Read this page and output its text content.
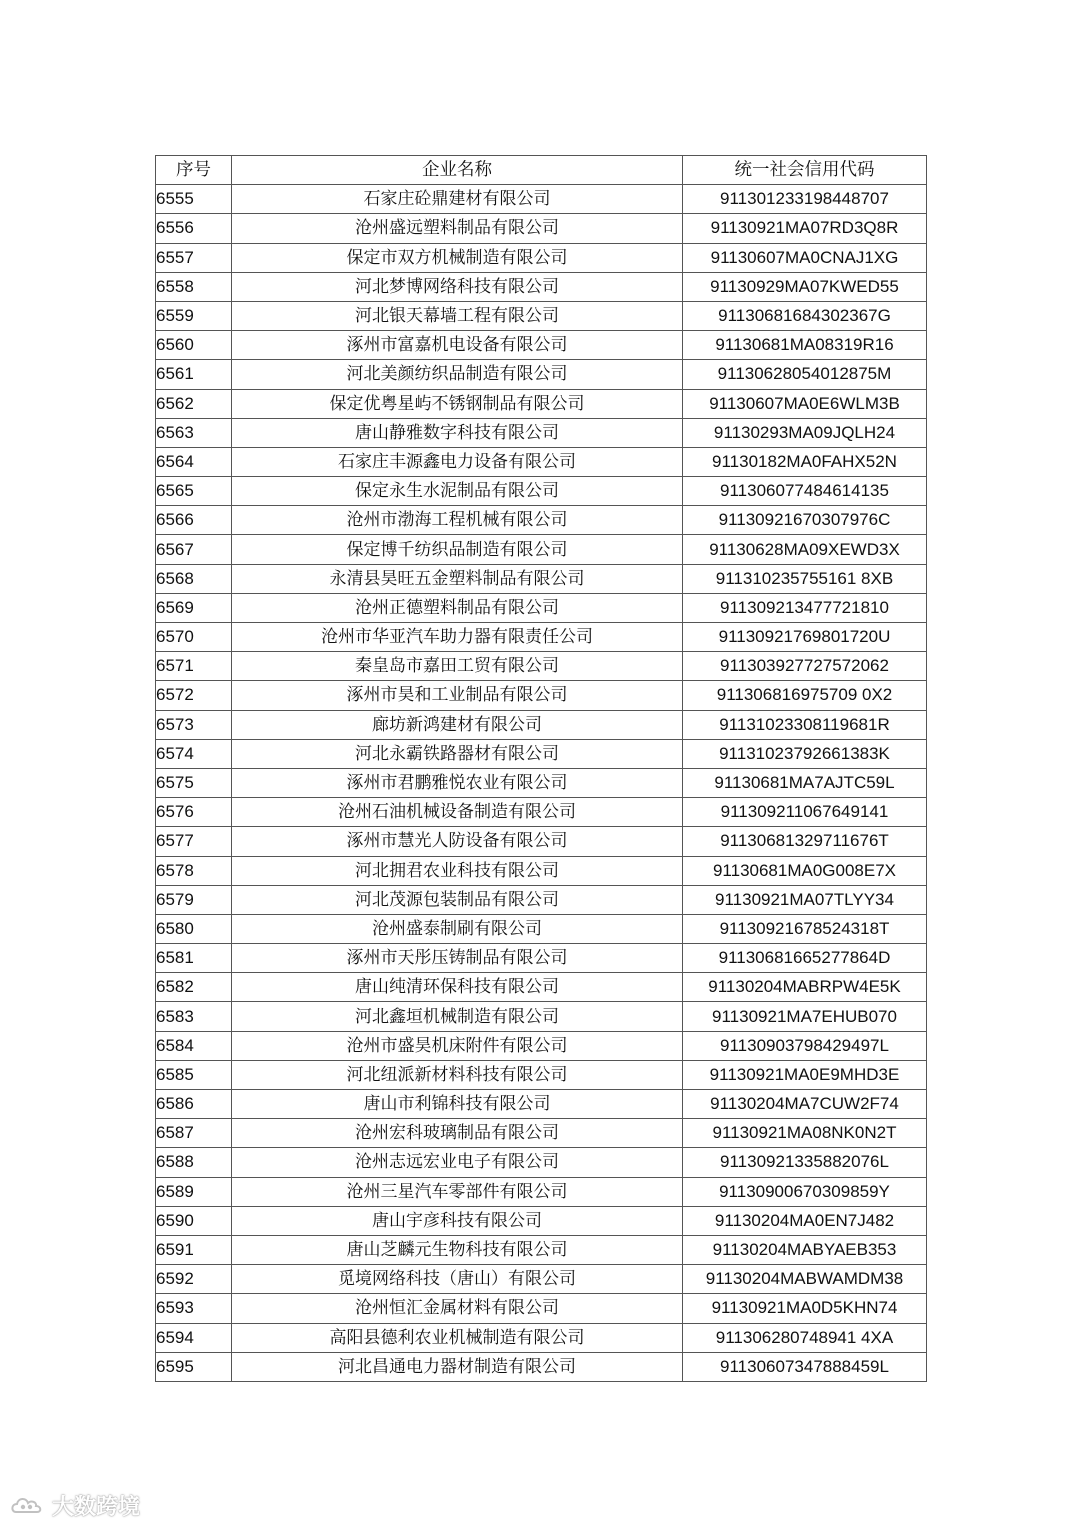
序号	企业名称	统一社会信用代码
6555	石家庄砼鼎建材有限公司	911301233198448707
6556	沧州盛远塑料制品有限公司	91130921MA07RD3Q8R
6557	保定市双方机械制造有限公司	91130607MA0CNAJ1XG
6558	河北梦博网络科技有限公司	91130929MA07KWED55
6559	河北银天幕墙工程有限公司	91130681684302367G
6560	涿州市富嘉机电设备有限公司	91130681MA08319R16
6561	河北美颜纺织品制造有限公司	91130628054012875M
6562	保定优粤星屿不锈钢制品有限公司	91130607MA0E6WLM3B
6563	唐山静雅数字科技有限公司	91130293MA09JQLH24
6564	石家庄丰源鑫电力设备有限公司	91130182MA0FAHX52N
6565	保定永生水泥制品有限公司	911306077484614135
6566	沧州市渤海工程机械有限公司	91130921670307976C
6567	保定博千纺织品制造有限公司	91130628MA09XEWD3X
6568	永清县昊旺五金塑料制品有限公司	911310235755161 8XB
6569	沧州正德塑料制品有限公司	911309213477721810
6570	沧州市华亚汽车助力器有限责任公司	91130921769801720U
6571	秦皇岛市嘉田工贸有限公司	911303927727572062
6572	涿州市昊和工业制品有限公司	911306816975709 0X2
6573	廊坊新鸿建材有限公司	91131023308119681R
6574	河北永霸铁路器材有限公司	91131023792661383K
6575	涿州市君鹏雅悦农业有限公司	91130681MA7AJTC59L
6576	沧州石油机械设备制造有限公司	911309211067649141
6577	涿州市慧光人防设备有限公司	91130681329711676T
6578	河北拥君农业科技有限公司	91130681MA0G008E7X
6579	河北茂源包装制品有限公司	91130921MA07TLYY34
6580	沧州盛泰制刷有限公司	91130921678524318T
6581	涿州市天彤压铸制品有限公司	91130681665277864D
6582	唐山纯清环保科技有限公司	91130204MABRPW4E5K
6583	河北鑫垣机械制造有限公司	91130921MA7EHUB070
6584	沧州市盛昊机床附件有限公司	91130903798429497L
6585	河北纽派新材料科技有限公司	91130921MA0E9MHD3E
6586	唐山市利锦科技有限公司	91130204MA7CUW2F74
6587	沧州宏科玻璃制品有限公司	91130921MA08NK0N2T
6588	沧州志远宏业电子有限公司	91130921335882076L
6589	沧州三星汽车零部件有限公司	91130900670309859Y
6590	唐山宇彦科技有限公司	91130204MA0EN7J482
6591	唐山芝麟元生物科技有限公司	91130204MABYAEB353
6592	觅境网络科技（唐山）有限公司	91130204MABWAMDM38
6593	沧州恒汇金属材料有限公司	91130921MA0D5KHN74
6594	高阳县德利农业机械制造有限公司	911306280748941 4XA
6595	河北昌通电力器材制造有限公司	91130607347888459L
大数跨境
